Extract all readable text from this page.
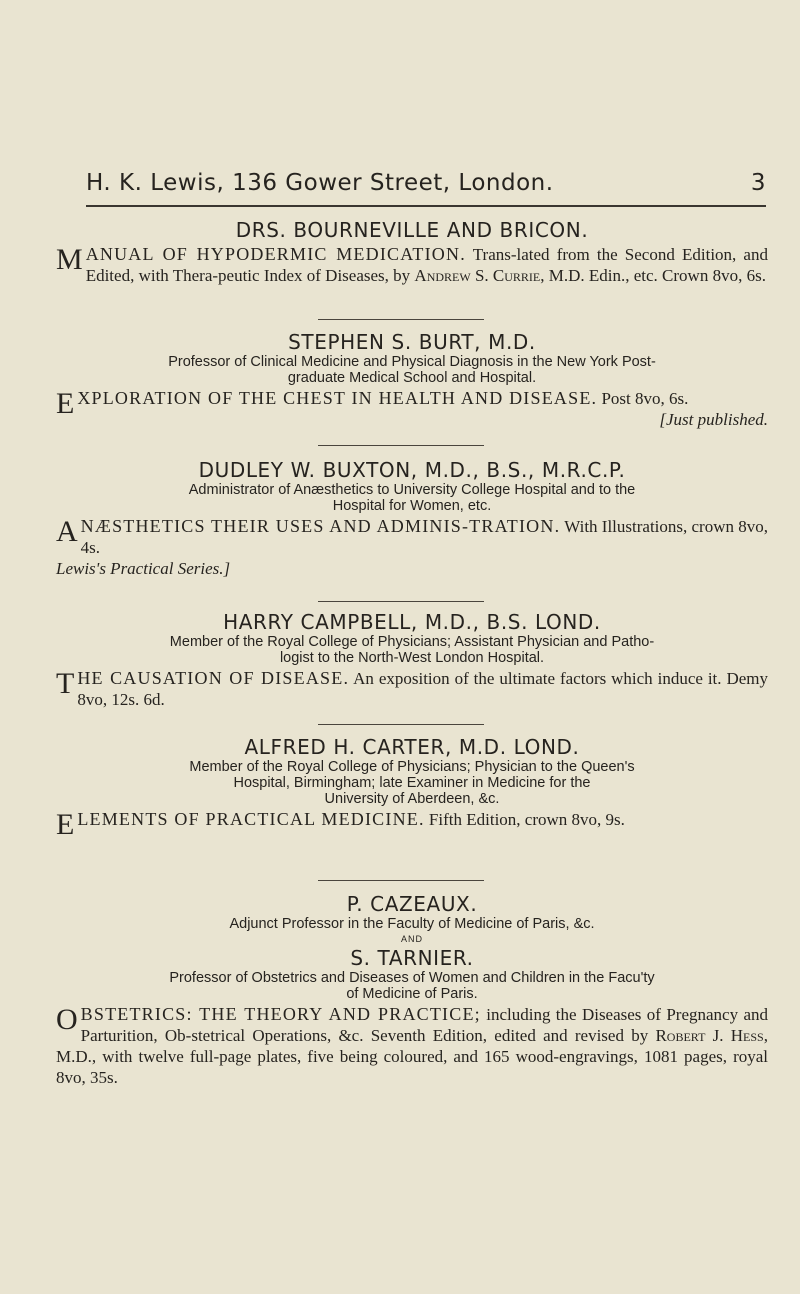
H. K. Lewis, 136 Gower Street, London.	3

DRS. BOURNEVILLE AND BRICON.

MANUAL OF HYPODERMIC MEDICATION. Trans-lated from the Second Edition, and Edited, with Thera-peutic Index of Diseases, by Andrew S. Currie, M.D. Edin., etc. Crown 8vo, 6s.

STEPHEN S. BURT, M.D.

Professor of Clinical Medicine and Physical Diagnosis in the New York Post-

graduate Medical School and Hospital.

EXPLORATION OF THE CHEST IN HEALTH AND DISEASE. Post 8vo, 6s.
[Just published.

DUDLEY W. BUXTON, M.D., B.S., M.R.C.P.

Administrator of Anæsthetics to University College Hospital and to the

Hospital for Women, etc.

ANÆSTHETICS THEIR USES AND ADMINIS-TRATION. With Illustrations, crown 8vo, 4s.

Lewis's Practical Series.]

HARRY CAMPBELL, M.D., B.S. LOND.

Member of the Royal College of Physicians; Assistant Physician and Patho-

logist to the North-West London Hospital.

THE CAUSATION OF DISEASE. An exposition of the ultimate factors which induce it. Demy 8vo, 12s. 6d.

ALFRED H. CARTER, M.D. LOND.

Member of the Royal College of Physicians; Physician to the Queen's

Hospital, Birmingham; late Examiner in Medicine for the

University of Aberdeen, &c.

ELEMENTS OF PRACTICAL MEDICINE. Fifth Edition, crown 8vo, 9s.

P. CAZEAUX.

Adjunct Professor in the Faculty of Medicine of Paris, &c.

AND

S. TARNIER.

Professor of Obstetrics and Diseases of Women and Children in the Facu'ty

of Medicine of Paris.

OBSTETRICS: THE THEORY AND PRACTICE; including the Diseases of Pregnancy and Parturition, Ob-stetrical Operations, &c. Seventh Edition, edited and revised by Robert J. Hess, M.D., with twelve full-page plates, five being coloured, and 165 wood-engravings, 1081 pages, royal 8vo, 35s.
